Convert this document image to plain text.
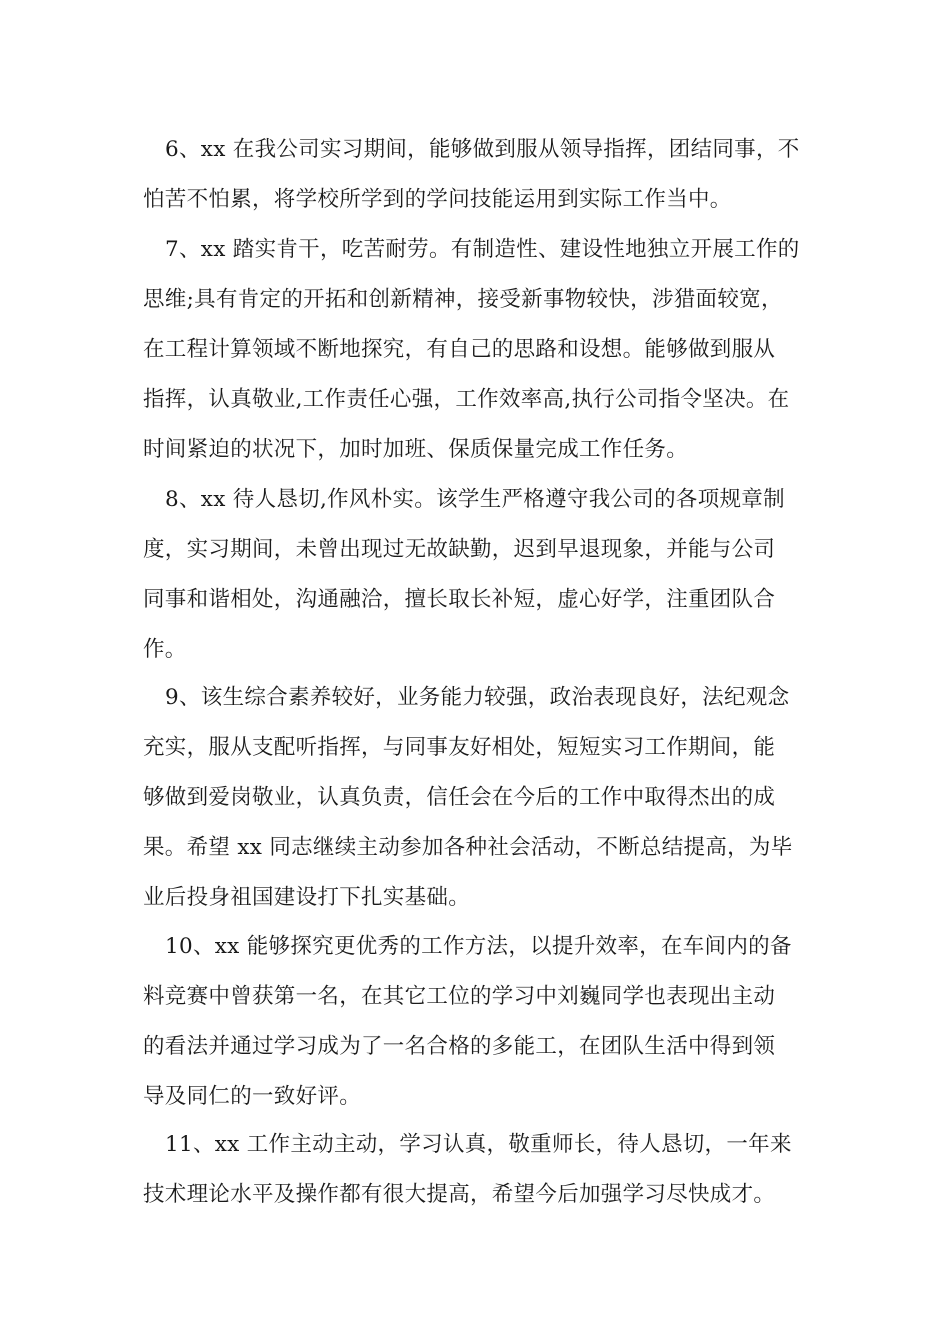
6、xx 在我公司实习期间，能够做到服从领导指挥，团结同事，不
怕苦不怕累，将学校所学到的学问技能运用到实际工作当中。
7、xx 踏实肯干，吃苦耐劳。有制造性、建设性地独立开展工作的
思维;具有肯定的开拓和创新精神，接受新事物较快，涉猎面较宽，
在工程计算领域不断地探究，有自己的思路和设想。能够做到服从
指挥，认真敬业,工作责任心强，工作效率高,执行公司指令坚决。在
时间紧迫的状况下，加时加班、保质保量完成工作任务。
8、xx 待人恳切,作风朴实。该学生严格遵守我公司的各项规章制
度，实习期间，未曾出现过无故缺勤，迟到早退现象，并能与公司
同事和谐相处，沟通融洽，擅长取长补短，虚心好学，注重团队合
作。
9、该生综合素养较好，业务能力较强，政治表现良好，法纪观念
充实，服从支配听指挥，与同事友好相处，短短实习工作期间，能
够做到爱岗敬业，认真负责，信任会在今后的工作中取得杰出的成
果。希望 xx 同志继续主动参加各种社会活动，不断总结提高，为毕
业后投身祖国建设打下扎实基础。
10、xx 能够探究更优秀的工作方法，以提升效率，在车间内的备
料竞赛中曾获第一名，在其它工位的学习中刘巍同学也表现出主动
的看法并通过学习成为了一名合格的多能工，在团队生活中得到领
导及同仁的一致好评。
11、xx 工作主动主动，学习认真，敬重师长，待人恳切，一年来
技术理论水平及操作都有很大提高，希望今后加强学习尽快成才。
